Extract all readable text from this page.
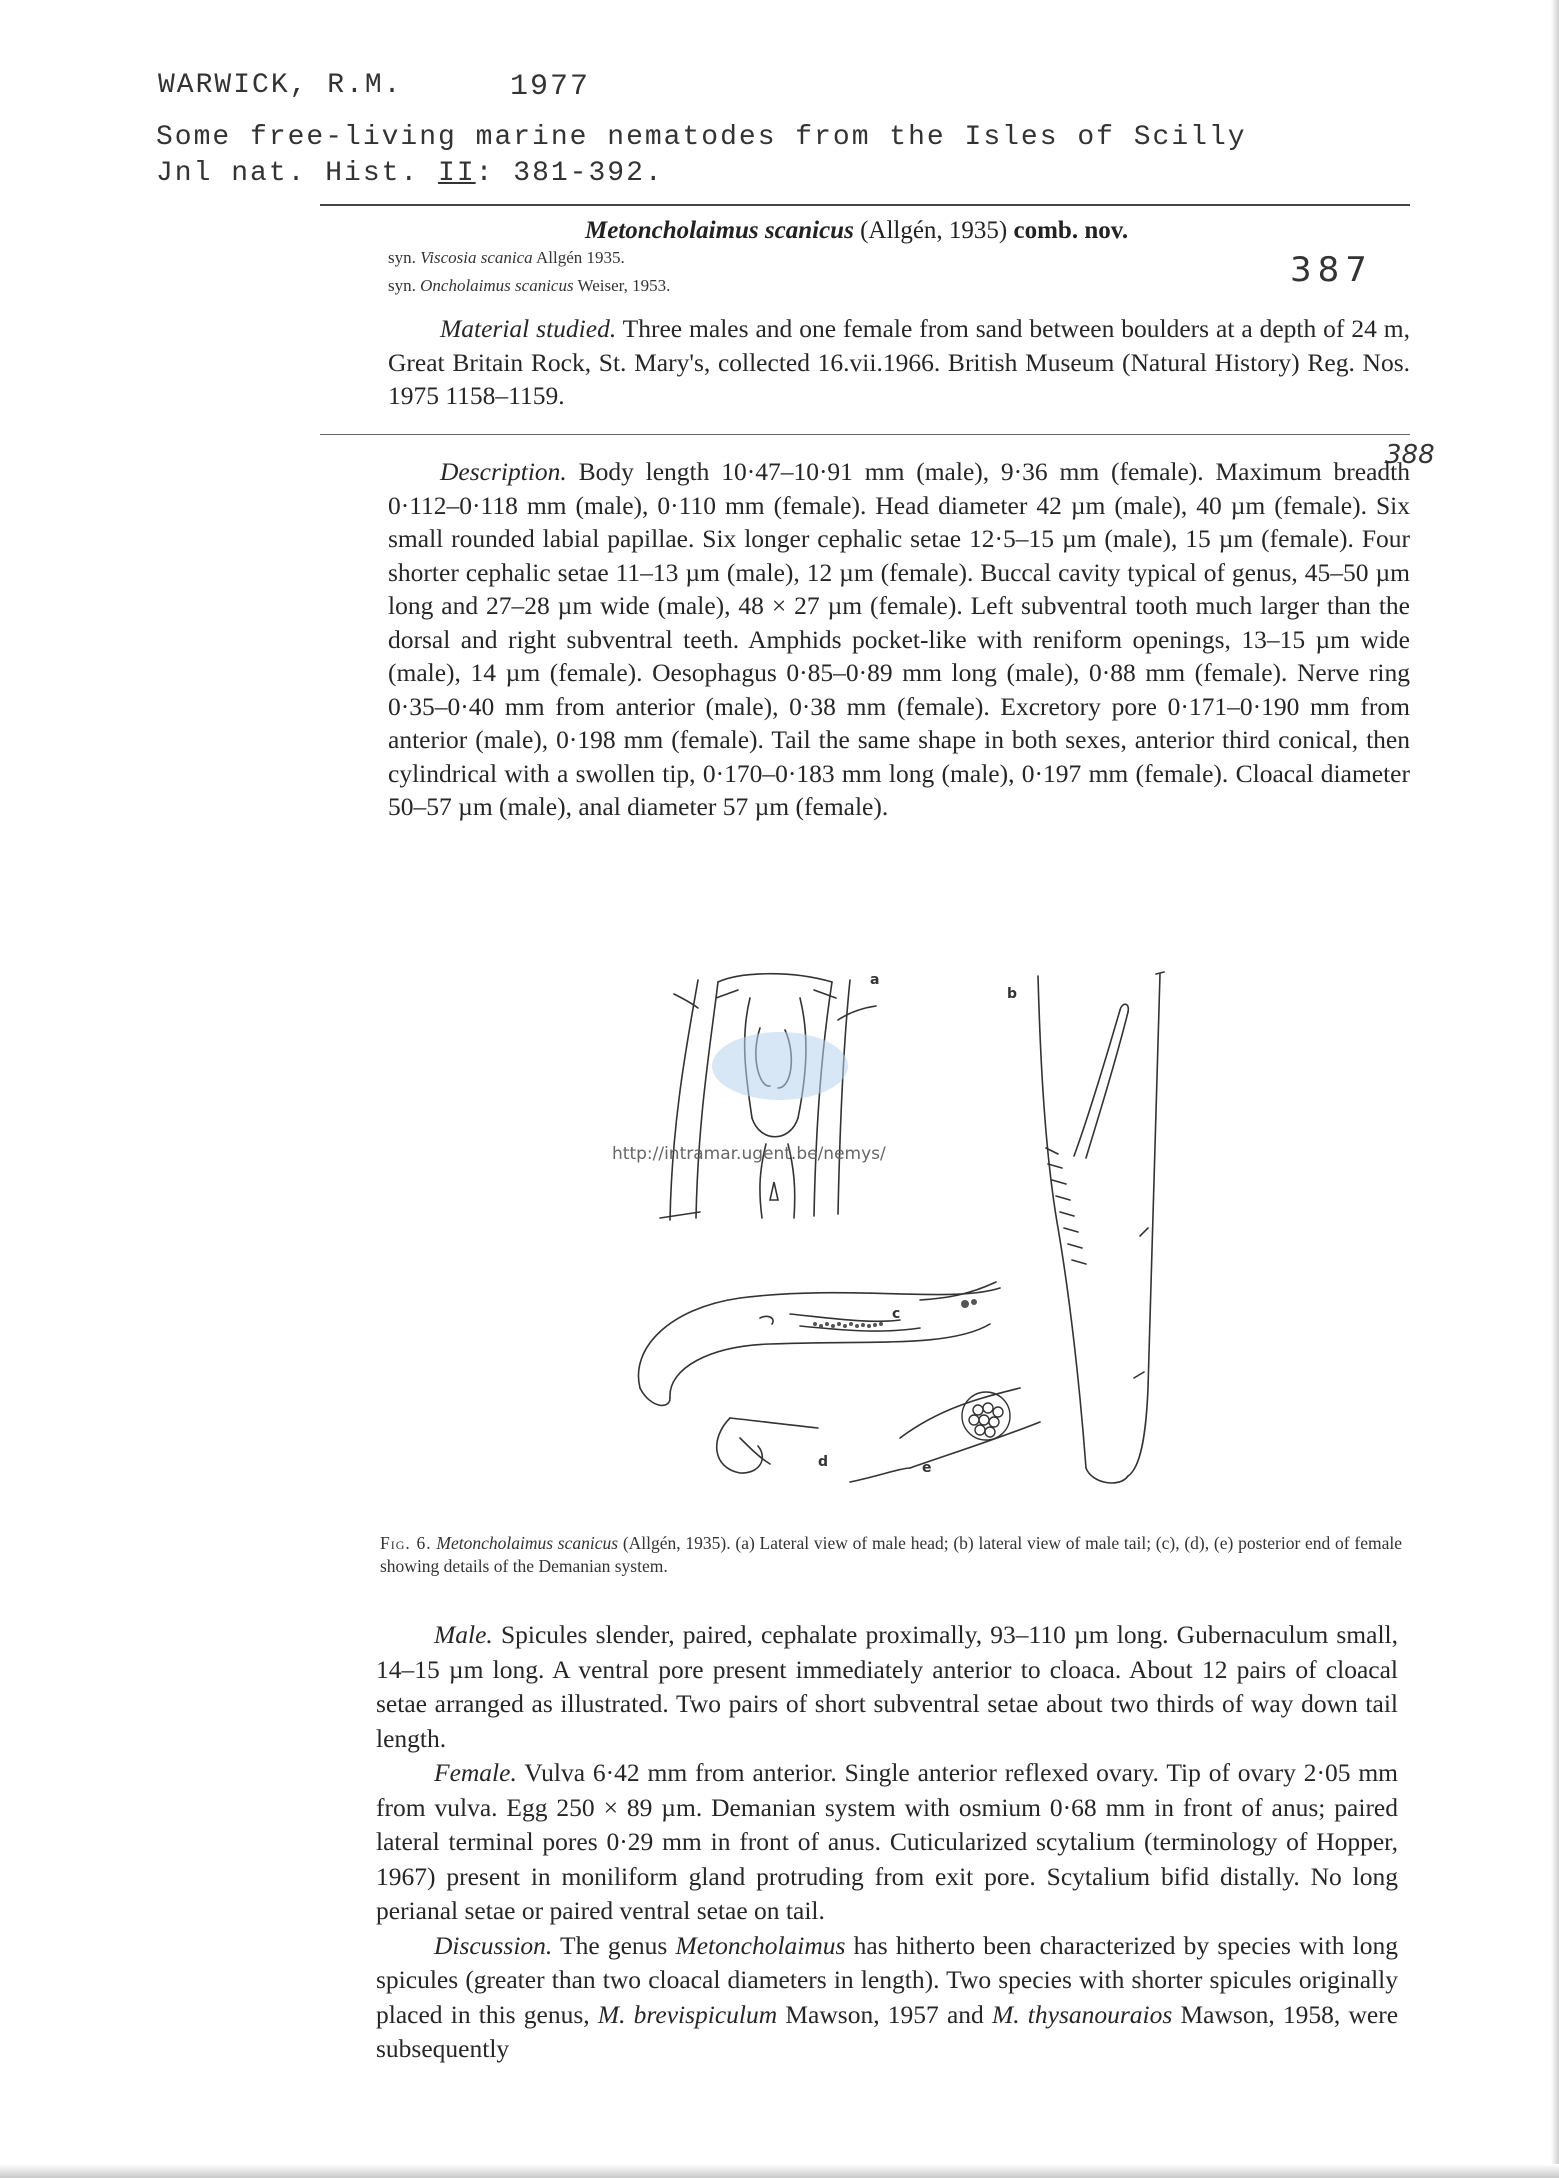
WARWICK, R.M.	1977
Some free-living marine nematodes from the Isles of Scilly
Jnl nat. Hist. II: 381-392.
387
388
Metoncholaimus scanicus (Allgén, 1935) comb. nov.
syn. Viscosia scanica Allgén 1935.
syn. Oncholaimus scanicus Weiser, 1953.
Material studied. Three males and one female from sand between boulders at a depth of 24 m, Great Britain Rock, St. Mary's, collected 16.vii.1966. British Museum (Natural History) Reg. Nos. 1975 1158–1159.
Description. Body length 10·47–10·91 mm (male), 9·36 mm (female). Maximum breadth 0·112–0·118 mm (male), 0·110 mm (female). Head diameter 42 µm (male), 40 µm (female). Six small rounded labial papillae. Six longer cephalic setae 12·5–15 µm (male), 15 µm (female). Four shorter cephalic setae 11–13 µm (male), 12 µm (female). Buccal cavity typical of genus, 45–50 µm long and 27–28 µm wide (male), 48 × 27 µm (female). Left subventral tooth much larger than the dorsal and right subventral teeth. Amphids pocket-like with reniform openings, 13–15 µm wide (male), 14 µm (female). Oesophagus 0·85–0·89 mm long (male), 0·88 mm (female). Nerve ring 0·35–0·40 mm from anterior (male), 0·38 mm (female). Excretory pore 0·171–0·190 mm from anterior (male), 0·198 mm (female). Tail the same shape in both sexes, anterior third conical, then cylindrical with a swollen tip, 0·170–0·183 mm long (male), 0·197 mm (female). Cloacal diameter 50–57 µm (male), anal diameter 57 µm (female).
a
b
c
d	e
http://intramar.ugent.be/nemys/
Fig. 6. Metoncholaimus scanicus (Allgén, 1935). (a) Lateral view of male head; (b) lateral view of male tail; (c), (d), (e) posterior end of female showing details of the Demanian system.
Male. Spicules slender, paired, cephalate proximally, 93–110 µm long. Gubernaculum small, 14–15 µm long. A ventral pore present immediately anterior to cloaca. About 12 pairs of cloacal setae arranged as illustrated. Two pairs of short subventral setae about two thirds of way down tail length.
Female. Vulva 6·42 mm from anterior. Single anterior reflexed ovary. Tip of ovary 2·05 mm from vulva. Egg 250 × 89 µm. Demanian system with osmium 0·68 mm in front of anus; paired lateral terminal pores 0·29 mm in front of anus. Cuticularized scytalium (terminology of Hopper, 1967) present in moniliform gland protruding from exit pore. Scytalium bifid distally. No long perianal setae or paired ventral setae on tail.
Discussion. The genus Metoncholaimus has hitherto been characterized by species with long spicules (greater than two cloacal diameters in length). Two species with shorter spicules originally placed in this genus, M. brevispiculum Mawson, 1957 and M. thysanouraios Mawson, 1958, were subsequently
